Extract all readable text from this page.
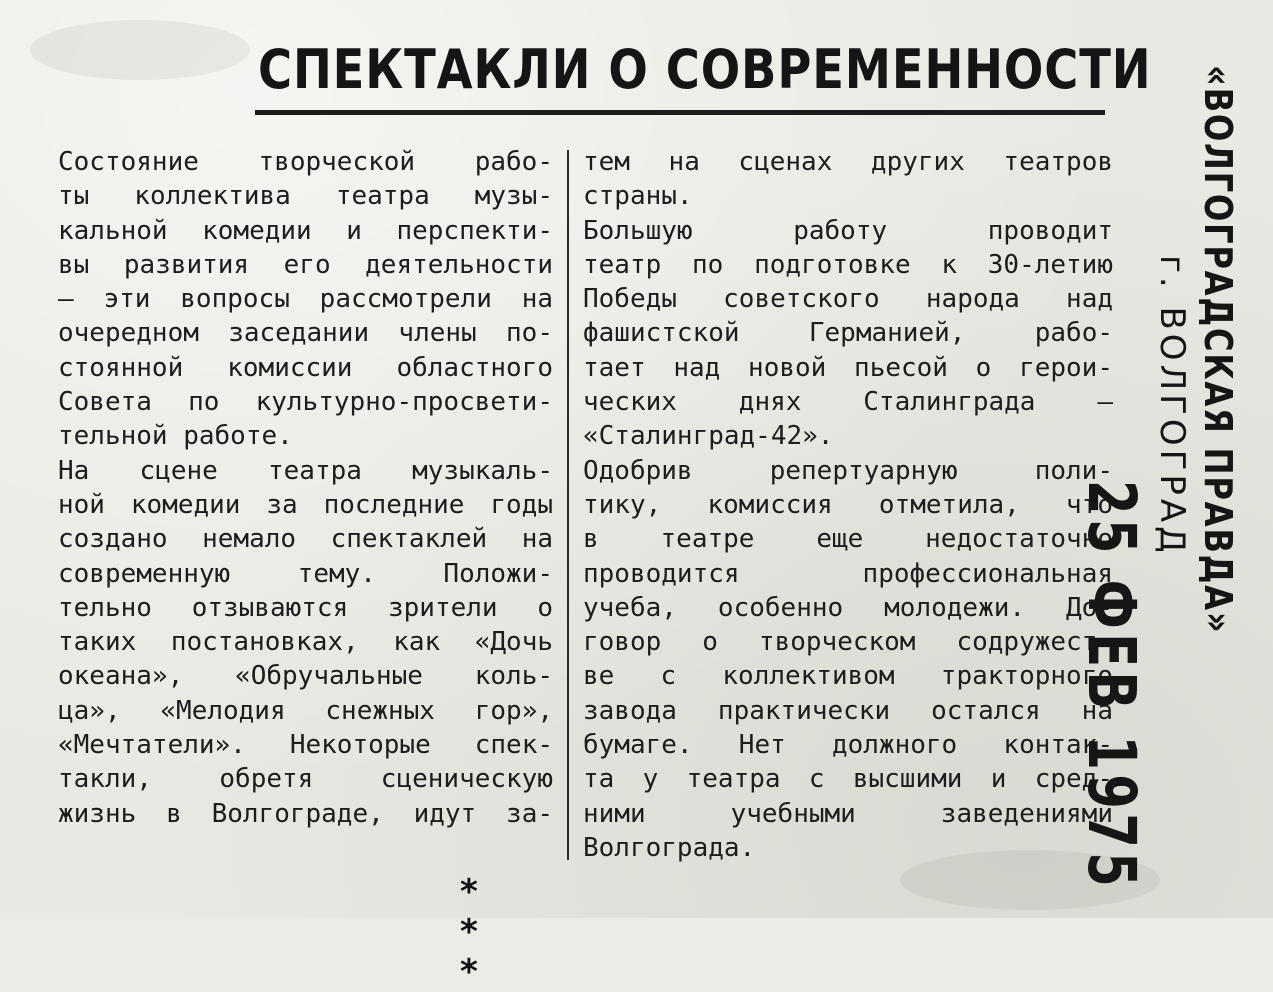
СПЕКТАКЛИ О СОВРЕМЕННОСТИ
Состояние творческой рабо-
ты коллектива театра музы-
кальной комедии и перспекти-
вы развития его деятельности
— эти вопросы рассмотрели на
очередном заседании члены по-
стоянной комиссии областного
Совета по культурно-просвети-
тельной работе.
На сцене театра музыкаль-
ной комедии за последние годы
создано немало спектаклей на
современную тему. Положи-
тельно отзываются зрители о
таких постановках, как «Дочь
океана», «Обручальные коль-
ца», «Мелодия снежных гор»,
«Мечтатели». Некоторые спек-
такли, обретя сценическую
жизнь в Волгограде, идут за-
тем на сценах других театров
страны.
Большую работу проводит
театр по подготовке к 30-летию
Победы советского народа над
фашистской Германией, рабо-
тает над новой пьесой о герои-
ческих днях Сталинграда —
«Сталинград-42».
Одобрив репертуарную поли-
тику, комиссия отметила, что
в театре еще недостаточно
проводится профессиональная
учеба, особенно молодежи. До-
говор о творческом содружест-
ве с коллективом тракторного
завода практически остался на
бумаге. Нет должного контак-
та у театра с высшими и сред-
ними учебными заведениями
Волгограда.
* * *
«ВОЛГОГРАДСКАЯ ПРАВДА»
г. ВОЛГОГРАД
25 ФЕВ 1975
